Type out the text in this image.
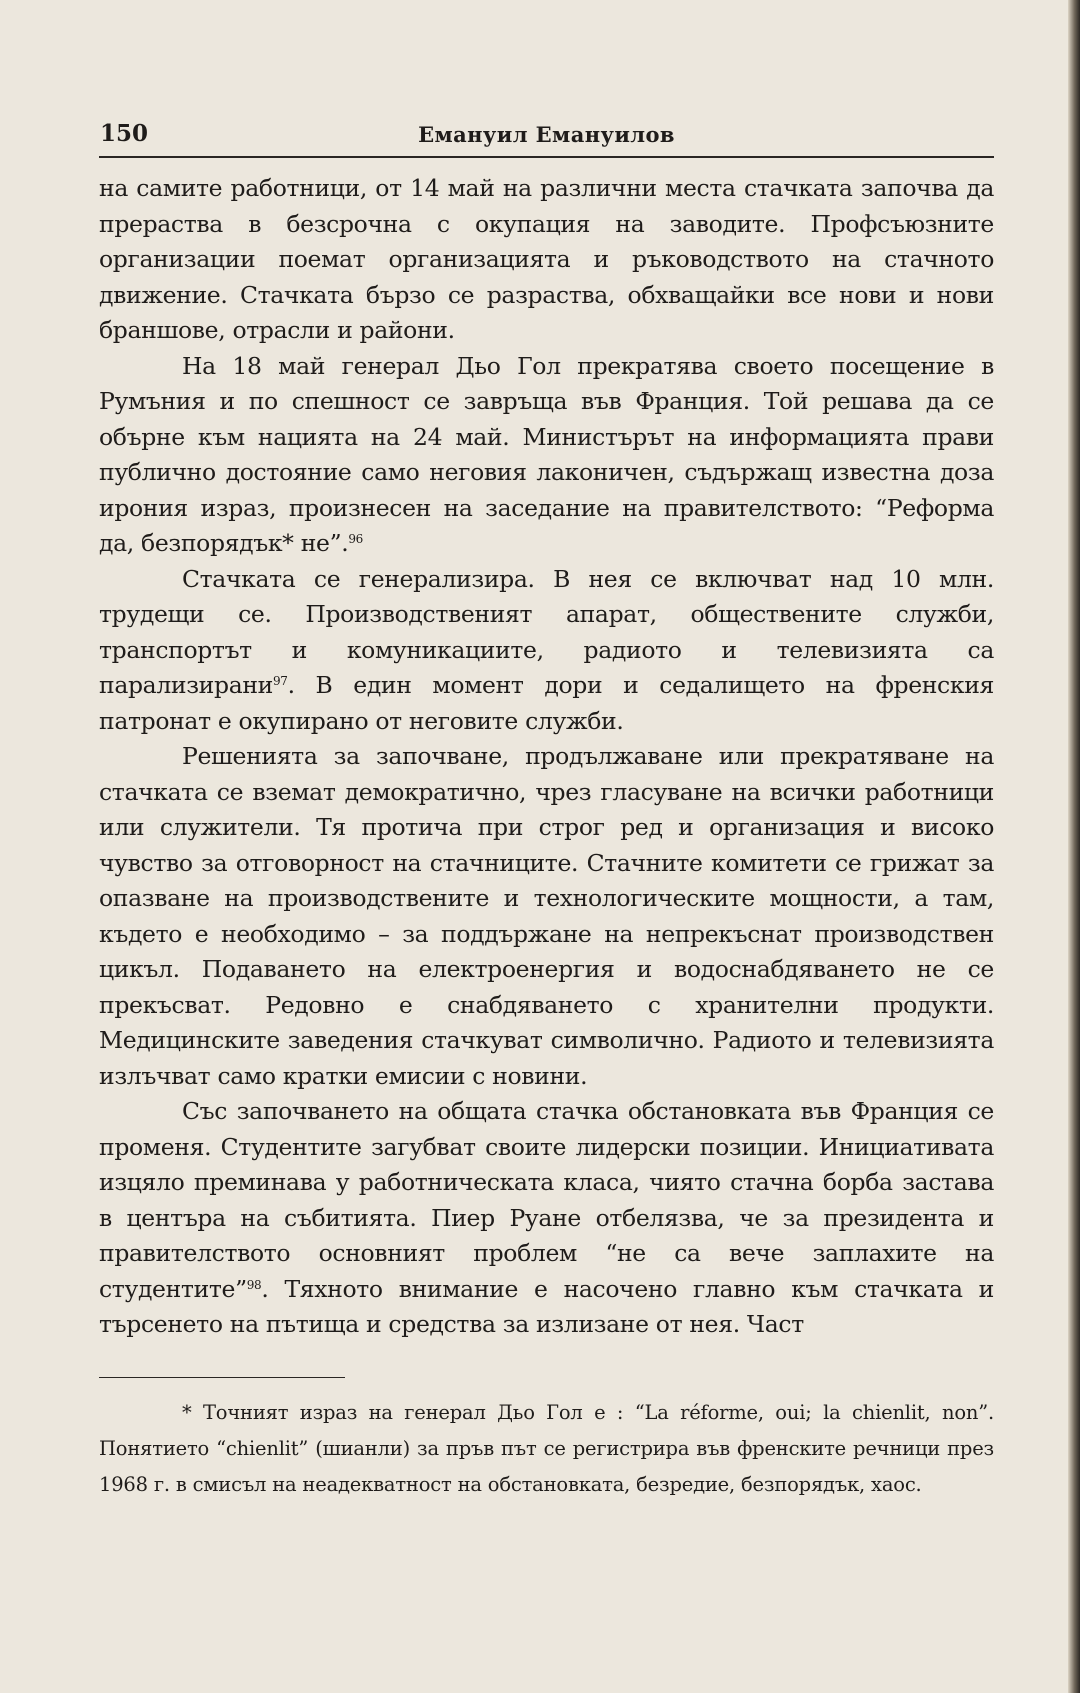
150	Емануил Емануилов

на самите работници, от 14 май на различни места стачката започва да прераства в безсрочна с окупация на заводите. Профсъюзните организации поемат организацията и ръководството на стачното движение. Стачката бързо се разраства, обхващайки все нови и нови браншове, отрасли и райони.

На 18 май генерал Дьо Гол прекратява своето посещение в Румъния и по спешност се завръща във Франция. Той решава да се обърне към нацията на 24 май. Министърът на информацията прави публично достояние само неговия лаконичен, съдържащ известна доза ирония израз, произнесен на заседание на правителството: “Реформа да, безпорядък* не”.$^{96}$

Стачката се генерализира. В нея се включват над 10 млн. трудещи се. Производственият апарат, обществените служби, транспортът и комуникациите, радиото и телевизията са парализирани$^{97}$. В един момент дори и седалището на френския патронат е окупирано от неговите служби.

Решенията за започване, продължаване или прекратяване на стачката се вземат демократично, чрез гласуване на всички работници или служители. Тя протича при строг ред и организация и високо чувство за отговорност на стачниците. Стачните комитети се грижат за опазване на производствените и технологическите мощности, а там, където е необходимо – за поддържане на непрекъснат производствен цикъл. Подаването на електроенергия и водоснабдяването не се прекъсват. Редовно е снабдяването с хранителни продукти. Медицинските заведения стачкуват символично. Радиото и телевизията излъчват само кратки емисии с новини.

Със започването на общата стачка обстановката във Франция се променя. Студентите загубват своите лидерски позиции. Инициативата изцяло преминава у работническата класа, чиято стачна борба застава в центъра на събитията. Пиер Руане отбелязва, че за президента и правителството основният проблем “не са вече заплахите на студентите”$^{98}$. Тяхното внимание е насочено главно към стачката и търсенето на пътища и средства за излизане от нея. Част

* Точният израз на генерал Дьо Гол е : “La réforme, oui; la chienlit, non”. Понятието “chienlit” (шианли) за пръв път се регистрира във френските речници през 1968 г. в смисъл на неадекватност на обстановката, безредие, безпорядък, хаос.
